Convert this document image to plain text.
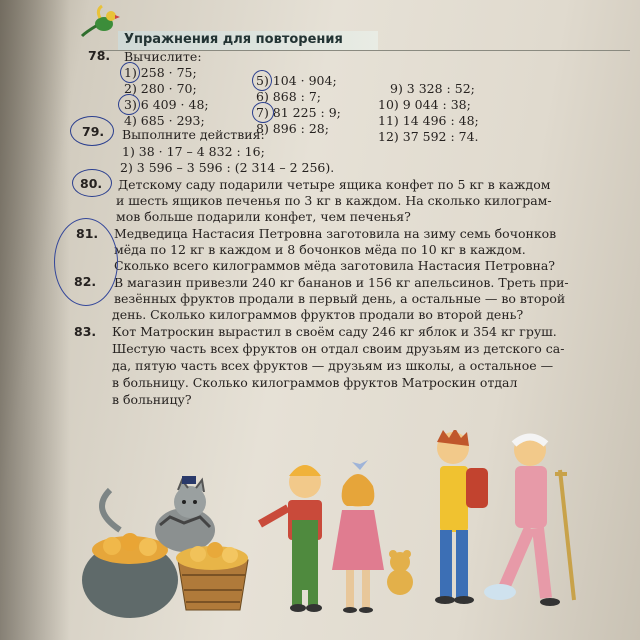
Упражнения для повторения
78. Вычислите:
1) 258 · 75;
2) 280 · 70;
3) 6 409 · 48;
4) 685 · 293;
5) 104 · 904;
6) 868 : 7;
7) 81 225 : 9;
8) 896 : 28;
9) 3 328 : 52;
10) 9 044 : 38;
11) 14 496 : 48;
12) 37 592 : 74.
79. Выполните действия:
1) 38 · 17 – 4 832 : 16;
2) 3 596 – 3 596 : (2 314 – 2 256).
80. Детскому саду подарили четыре ящика конфет по 5 кг в каждом
и шесть ящиков печенья по 3 кг в каждом. На сколько килограм-
мов больше подарили конфет, чем печенья?
81. Медведица Настасия Петровна заготовила на зиму семь бочонков
мёда по 12 кг в каждом и 8 бочонков мёда по 10 кг в каждом.
Сколько всего килограммов мёда заготовила Настасия Петровна?
82. В магазин привезли 240 кг бананов и 156 кг апельсинов. Треть при-
везённых фруктов продали в первый день, а остальные — во второй
день. Сколько килограммов фруктов продали во второй день?
83. Кот Матроскин вырастил в своём саду 246 кг яблок и 354 кг груш.
Шестую часть всех фруктов он отдал своим друзьям из детского са-
да, пятую часть всех фруктов — друзьям из школы, а остальное —
в больницу. Сколько килограммов фруктов Матроскин отдал
в больницу?
